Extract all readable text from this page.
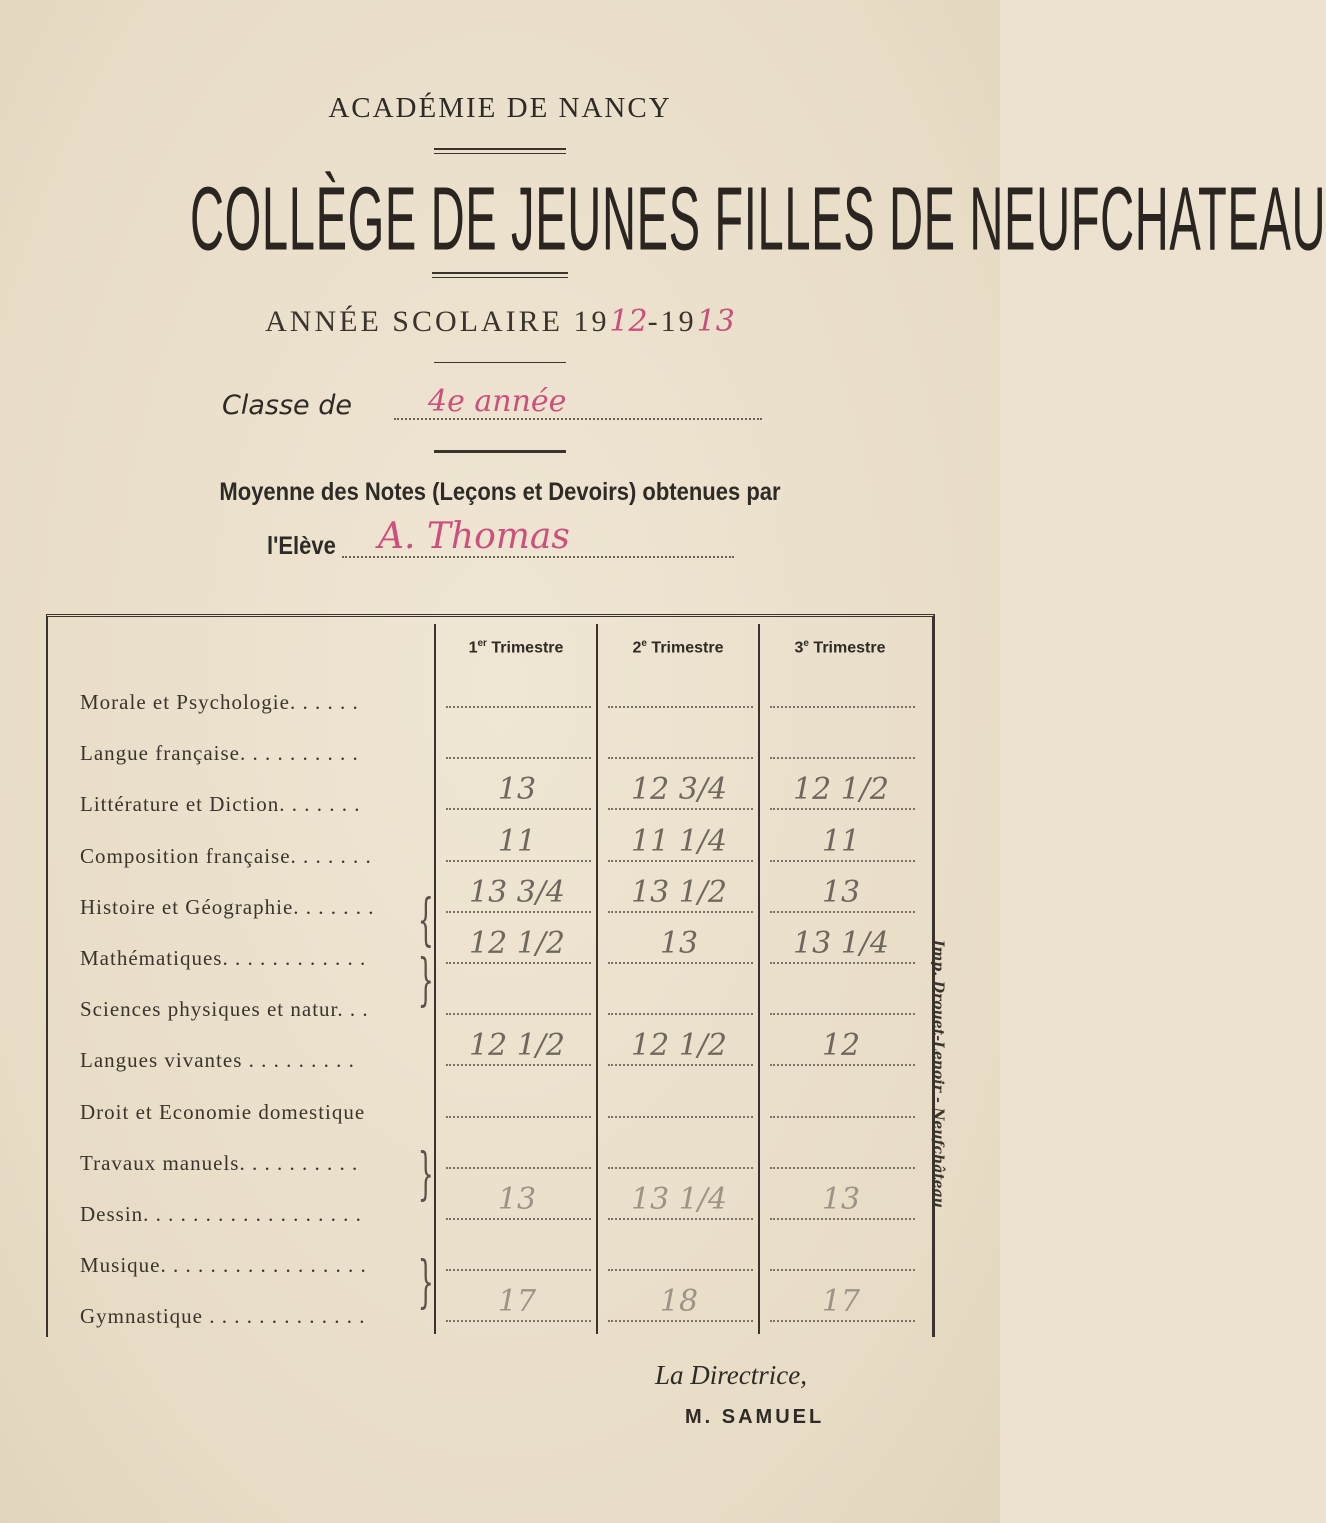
ACADÉMIE DE NANCY
COLLÈGE DE JEUNES FILLES DE NEUFCHATEAU
ANNÉE SCOLAIRE 1912-1913
Classe de	4e année
Moyenne des Notes (Leçons et Devoirs) obtenues par
l'Elève A. Thomas
1er Trimestre	2e Trimestre	3e Trimestre
Morale et Psychologie. . . . . .
Langue française. . . . . . . . . .
Littérature et Diction. . . . . . .	13	12 3/4	12 1/2
Composition française. . . . . . .	11	11 1/4	11
Histoire et Géographie. . . . . . .	13 3/4	13 1/2	13
Mathématiques. . . . . . . . . . . .	12 1/2	13	13 1/4
Sciences physiques et natur. . .
Langues vivantes . . . . . . . . .	12 1/2	12 1/2	12
Droit et Economie domestique
Travaux manuels. . . . . . . . . .
Dessin. . . . . . . . . . . . . . . . . .	13	13 1/4	13
Musique. . . . . . . . . . . . . . . . .
Gymnastique . . . . . . . . . . . . .	17	18	17
{
}
}
}
Imp. Drouet-Lenoir - Neufchâteau
La Directrice,
M. SAMUEL
